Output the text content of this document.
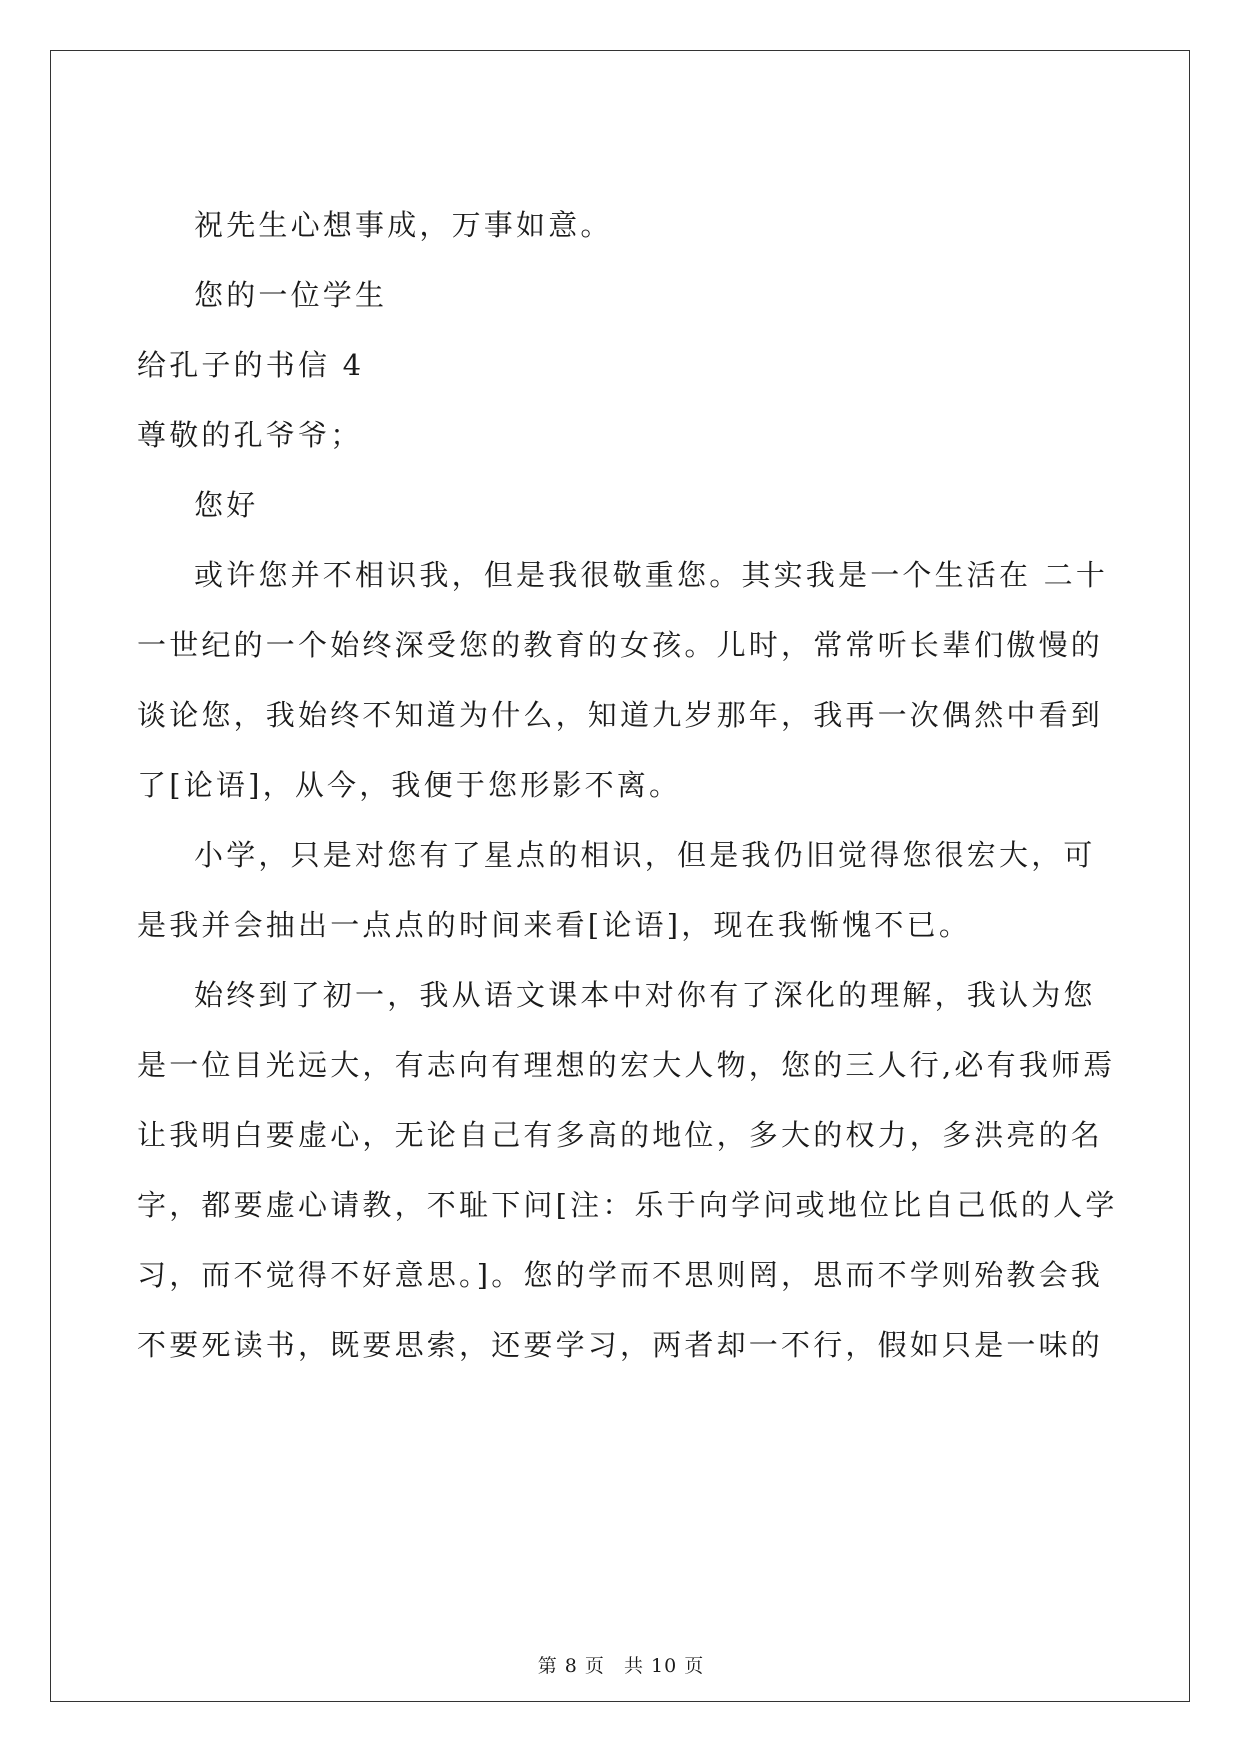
祝先生心想事成，万事如意。
您的一位学生
给孔子的书信 4
尊敬的孔爷爷；
您好
或许您并不相识我，但是我很敬重您。其实我是一个生活在 二十
一世纪的一个始终深受您的教育的女孩。儿时，常常听长辈们傲慢的
谈论您，我始终不知道为什么，知道九岁那年，我再一次偶然中看到
了[论语]，从今，我便于您形影不离。
小学，只是对您有了星点的相识，但是我仍旧觉得您很宏大，可
是我并会抽出一点点的时间来看[论语]，现在我惭愧不已。
始终到了初一，我从语文课本中对你有了深化的理解，我认为您
是一位目光远大，有志向有理想的宏大人物，您的三人行,必有我师焉
让我明白要虚心，无论自己有多高的地位，多大的权力，多洪亮的名
字，都要虚心请教，不耻下问[注：乐于向学问或地位比自己低的人学
习，而不觉得不好意思。]。您的学而不思则罔，思而不学则殆教会我
不要死读书，既要思索，还要学习，两者却一不行，假如只是一味的
第 8 页 共 10 页
